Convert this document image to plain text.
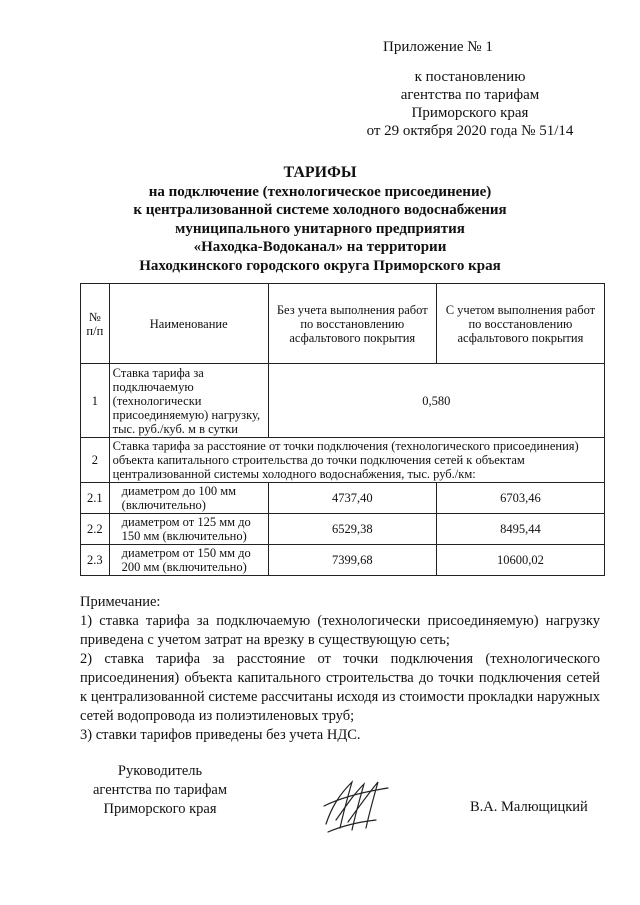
Приложение № 1
к постановлению
агентства по тарифам
Приморского края
от 29 октября 2020 года № 51/14
ТАРИФЫ
на подключение (технологическое присоединение)
к централизованной системе холодного водоснабжения
муниципального унитарного предприятия
«Находка-Водоканал» на территории
Находкинского городского округа Приморского края
№ п/п	Наименование	Без учета выполнения работ по восстановлению асфальтового покрытия	С учетом выполнения работ по восстановлению асфальтового покрытия
1	Ставка тарифа за подключаемую (технологически присоединяемую) нагрузку, тыс. руб./куб. м в сутки	0,580	
2	Ставка тарифа за расстояние от точки подключения (технологического присоединения) объекта капитального строительства до точки подключения сетей к объектам централизованной системы холодного водоснабжения, тыс. руб./км:		
2.1	диаметром до 100 мм (включительно)	4737,40	6703,46
2.2	диаметром от 125 мм до 150 мм (включительно)	6529,38	8495,44
2.3	диаметром от 150 мм до 200 мм (включительно)	7399,68	10600,02

Примечание:

1) ставка тарифа за подключаемую (технологически присоединяемую) нагрузку приведена с учетом затрат на врезку в существующую сеть;

2) ставка тарифа за расстояние от точки подключения (технологического присоединения) объекта капитального строительства до точки подключения сетей к централизованной системе рассчитаны исходя из стоимости прокладки наружных сетей водопровода из полиэтиленовых труб;

3) ставки тарифов приведены без учета НДС.

Руководитель
агентства по тарифам
Приморского края	В.А. Малющицкий
